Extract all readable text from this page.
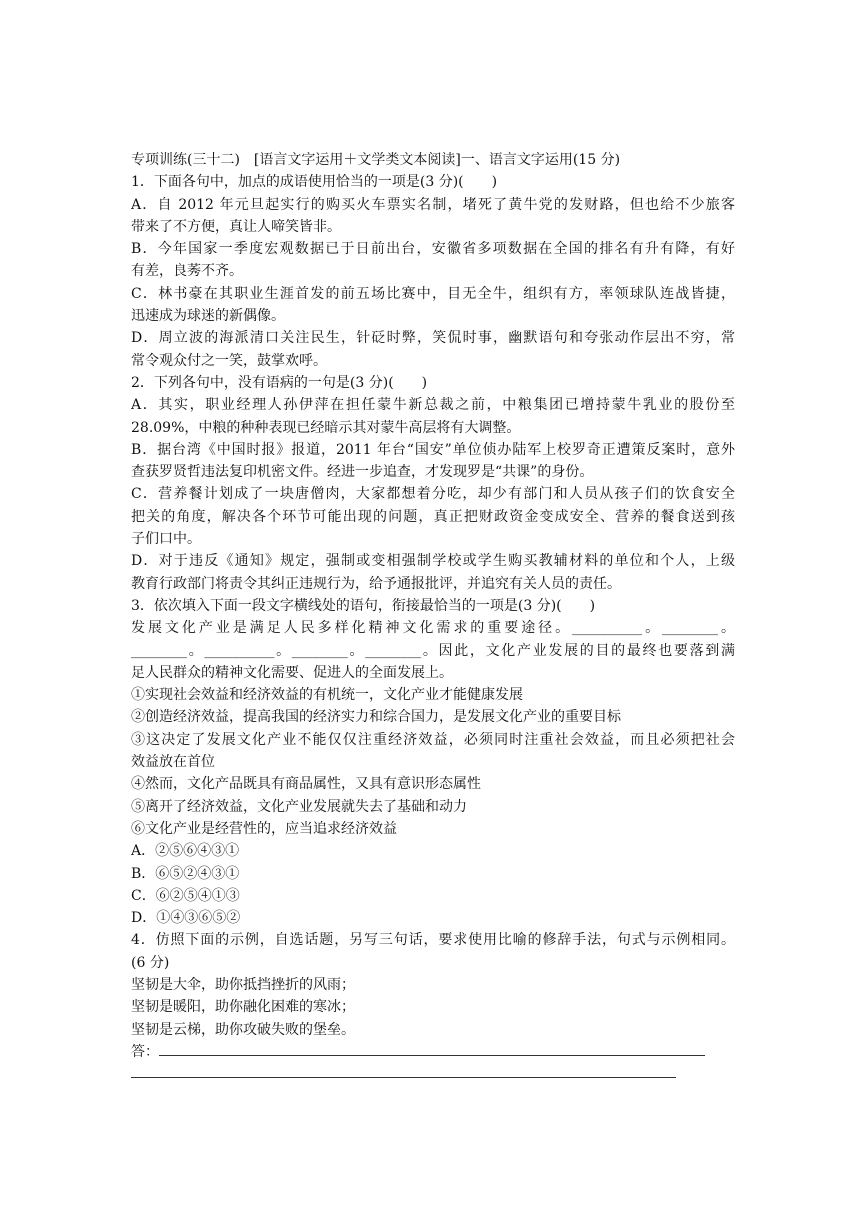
专项训练(三十二)　[语言文字运用＋文学类文本阅读]一、语言文字运用(15 分)
1．下面各句中，加点的成语使用恰当的一项是(3 分)(　　)
A．自 2012 年元旦起实行的购买火车票实名制，堵死了黄牛党的发财路，但也给不少旅客
带来了不方便，真让人啼笑皆非。
B．今年国家一季度宏观数据已于日前出台，安徽省多项数据在全国的排名有升有降，有好
有差，良莠不齐。
C．林书豪在其职业生涯首发的前五场比赛中，目无全牛，组织有方，率领球队连战皆捷，
迅速成为球迷的新偶像。
D．周立波的海派清口关注民生，针砭时弊，笑侃时事，幽默语句和夸张动作层出不穷，常
常令观众付之一笑，鼓掌欢呼。
2．下列各句中，没有语病的一句是(3 分)(　　)
A．其实，职业经理人孙伊萍在担任蒙牛新总裁之前，中粮集团已增持蒙牛乳业的股份至
28.09%，中粮的种种表现已经暗示其对蒙牛高层将有大调整。
B．据台湾《中国时报》报道，2011 年台“国安”单位侦办陆军上校罗奇正遭策反案时，意外
查获罗贤哲违法复印机密文件。经进一步追查，才发现罗是“共课”的身份。
C．营养餐计划成了一块唐僧肉，大家都想着分吃，却少有部门和人员从孩子们的饮食安全
把关的角度，解决各个环节可能出现的问题，真正把财政资金变成安全、营养的餐食送到孩
子们口中。
D．对于违反《通知》规定，强制或变相强制学校或学生购买教辅材料的单位和个人，上级
教育行政部门将责令其纠正违规行为，给予通报批评，并追究有关人员的责任。
3．依次填入下面一段文字横线处的语句，衔接最恰当的一项是(3 分)(　　)
发展文化产业是满足人民多样化精神文化需求的重要途径。__________。________。
________。__________。________。________。因此，文化产业发展的目的最终也要落到满
足人民群众的精神文化需要、促进人的全面发展上。
①实现社会效益和经济效益的有机统一，文化产业才能健康发展
②创造经济效益，提高我国的经济实力和综合国力，是发展文化产业的重要目标
③这决定了发展文化产业不能仅仅注重经济效益，必须同时注重社会效益，而且必须把社会
效益放在首位
④然而，文化产品既具有商品属性，又具有意识形态属性
⑤离开了经济效益，文化产业发展就失去了基础和动力
⑥文化产业是经营性的，应当追求经济效益
A．②⑤⑥④③①
B．⑥⑤②④③①
C．⑥②⑤④①③
D．①④③⑥⑤②
4．仿照下面的示例，自选话题，另写三句话，要求使用比喻的修辞手法，句式与示例相同。
(6 分)
坚韧是大伞，助你抵挡挫折的风雨；
坚韧是暖阳，助你融化困难的寒冰；
坚韧是云梯，助你攻破失败的堡垒。
答：
